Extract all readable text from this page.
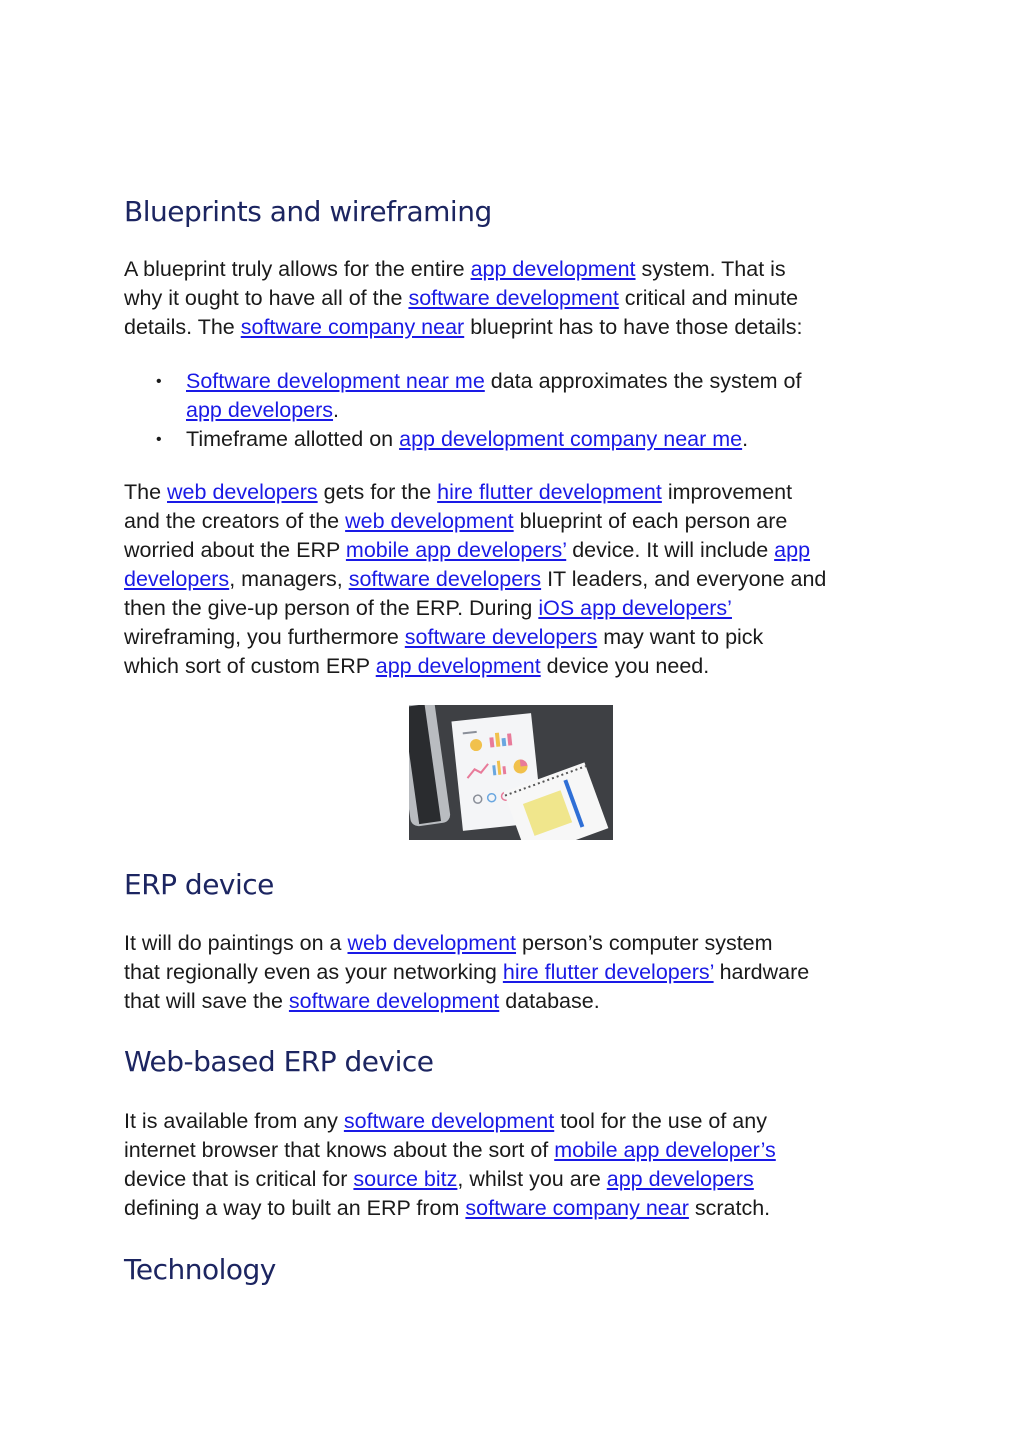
Blueprints and wireframing

A blueprint truly allows for the entire app development system. That is
why it ought to have all of the software development critical and minute
details. The software company near blueprint has to have those details:

• Software development near me data approximates the system of
app developers.
• Timeframe allotted on app development company near me.

The web developers gets for the hire flutter development improvement
and the creators of the web development blueprint of each person are
worried about the ERP mobile app developers’ device. It will include app
developers, managers, software developers IT leaders, and everyone and
then the give-up person of the ERP. During iOS app developers’
wireframing, you furthermore software developers may want to pick
which sort of custom ERP app development device you need.

ERP device

It will do paintings on a web development person’s computer system
that regionally even as your networking hire flutter developers’ hardware
that will save the software development database.

Web-based ERP device

It is available from any software development tool for the use of any
internet browser that knows about the sort of mobile app developer’s
device that is critical for source bitz, whilst you are app developers
defining a way to built an ERP from software company near scratch.

Technology
